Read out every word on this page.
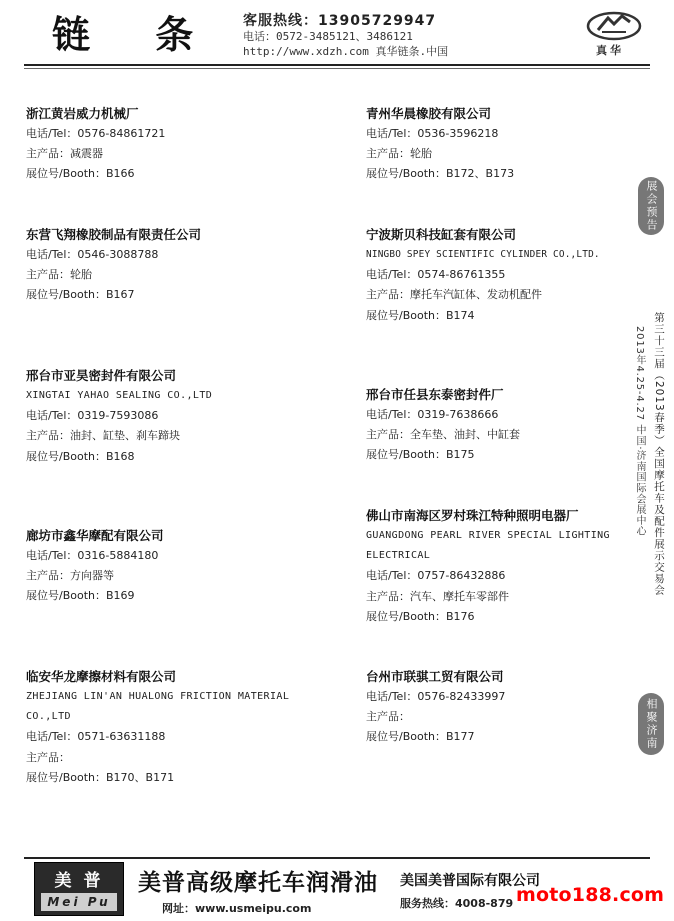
链 条 客服热线：13905729947
电话：0572-3485121、3486121
http://www.xdzh.com 真华链条.中国	真华
浙江黄岩威力机械厂
电话/Tel：0576-84861721
主产品：减震器
展位号/Booth：B166
东营飞翔橡胶制品有限责任公司
电话/Tel：0546-3088788
主产品：轮胎
展位号/Booth：B167
邢台市亚昊密封件有限公司
XINGTAI YAHAO SEALING CO.,LTD
电话/Tel：0319-7593086
主产品：油封、缸垫、刹车蹄块
展位号/Booth：B168
廊坊市鑫华摩配有限公司
电话/Tel：0316-5884180
主产品：方向器等
展位号/Booth：B169
临安华龙摩擦材料有限公司
ZHEJIANG LIN'AN HUALONG FRICTION MATERIAL CO.,LTD
电话/Tel：0571-63631188
主产品：
展位号/Booth：B170、B171
青州华晨橡胶有限公司
电话/Tel：0536-3596218
主产品：轮胎
展位号/Booth：B172、B173
宁波斯贝科技缸套有限公司
NINGBO SPEY SCIENTIFIC CYLINDER CO.,LTD.
电话/Tel：0574-86761355
主产品：摩托车汽缸体、发动机配件
展位号/Booth：B174
邢台市任县东泰密封件厂
电话/Tel：0319-7638666
主产品：全车垫、油封、中缸套
展位号/Booth：B175
佛山市南海区罗村珠江特种照明电器厂
GUANGDONG PEARL RIVER SPECIAL LIGHTING ELECTRICAL
电话/Tel：0757-86432886
主产品：汽车、摩托车零部件
展位号/Booth：B176
台州市联骐工贸有限公司
电话/Tel：0576-82433997
主产品：
展位号/Booth：B177
展会预告
第三十三届（2013春季）全国摩托车及配件展示交易会
2013年4.25-4.27 中国·济南国际会展中心
相聚济南
美 普
Mei Pu
美普高级摩托车润滑油
网址：www.usmeipu.com
美国美普国际有限公司
服务热线：4008-879 moto188.com
